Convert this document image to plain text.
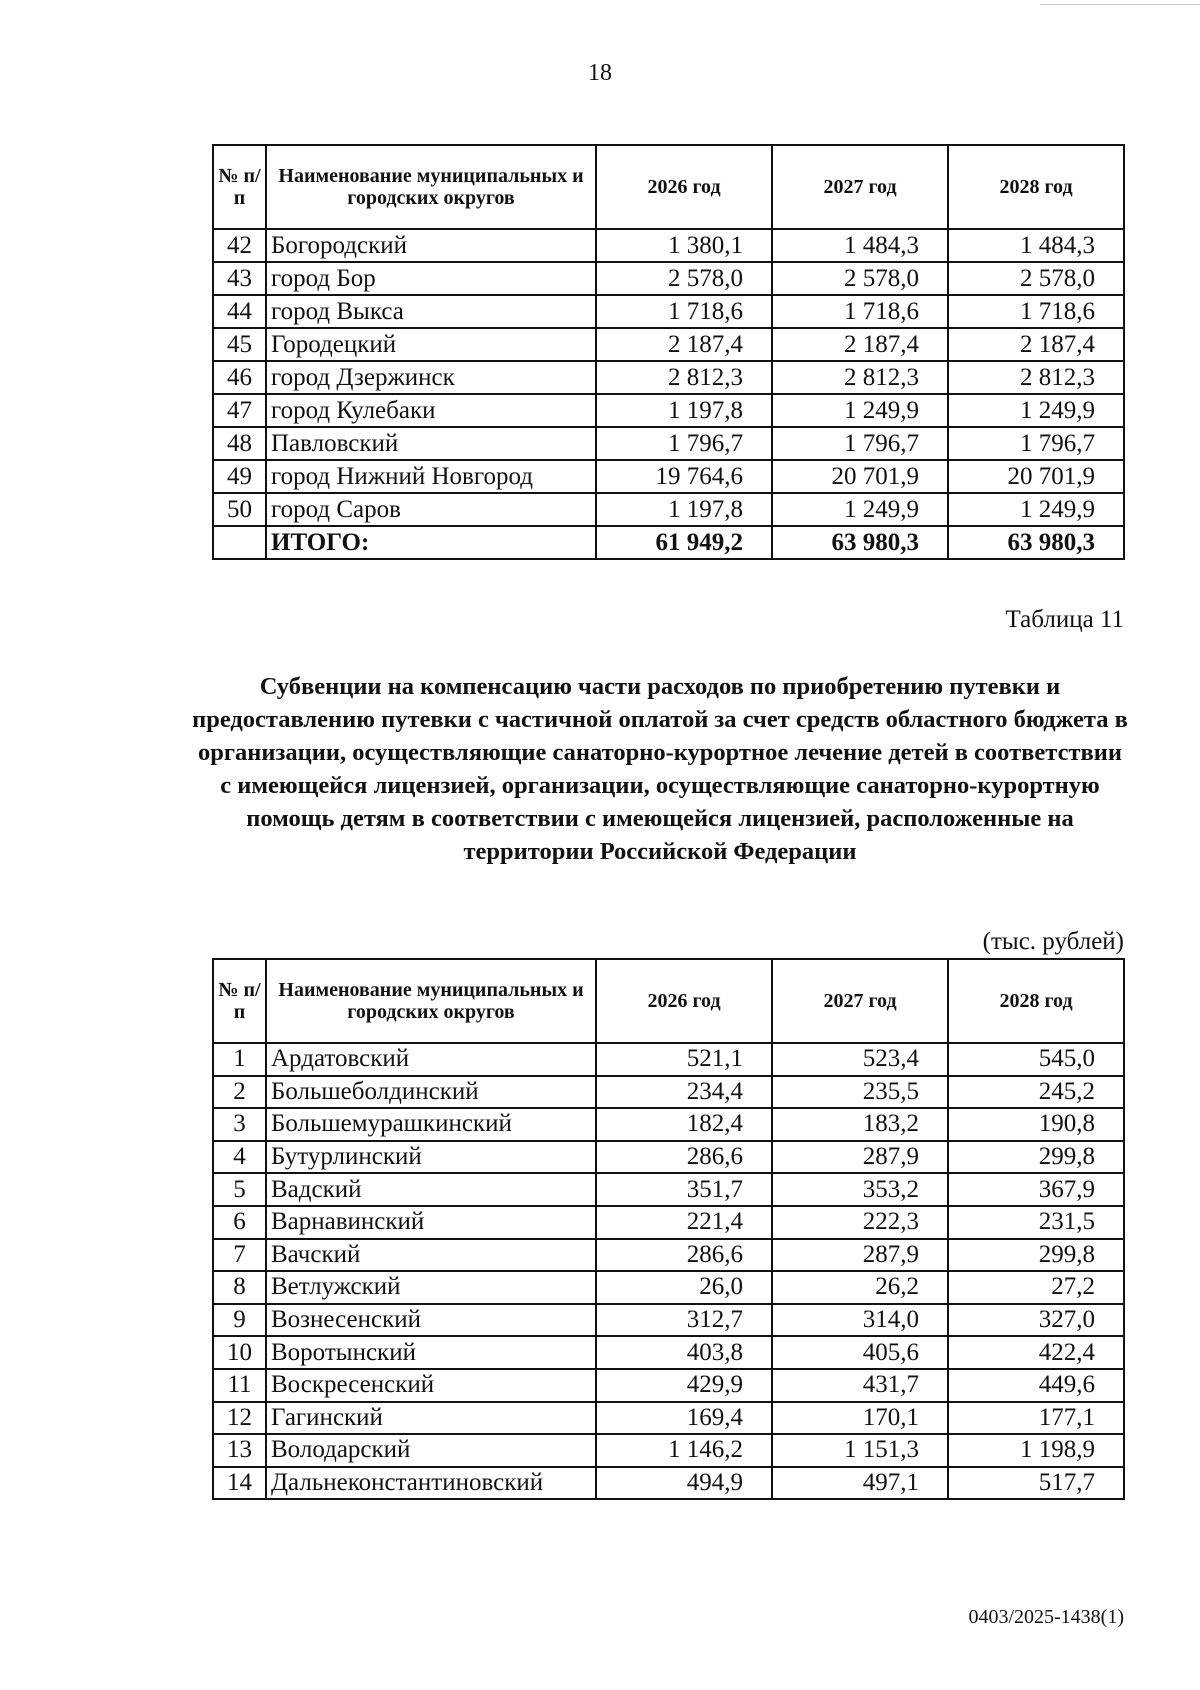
18
№ п/п	Наименование муниципальных и городских округов	2026 год	2027 год	2028 год
42	Богородский	1 380,1	1 484,3	1 484,3
43	город Бор	2 578,0	2 578,0	2 578,0
44	город Выкса	1 718,6	1 718,6	1 718,6
45	Городецкий	2 187,4	2 187,4	2 187,4
46	город Дзержинск	2 812,3	2 812,3	2 812,3
47	город Кулебаки	1 197,8	1 249,9	1 249,9
48	Павловский	1 796,7	1 796,7	1 796,7
49	город Нижний Новгород	19 764,6	20 701,9	20 701,9
50	город Саров	1 197,8	1 249,9	1 249,9
	ИТОГО:	61 949,2	63 980,3	63 980,3
Таблица 11
Субвенции на компенсацию части расходов по приобретению путевки и предоставлению путевки с частичной оплатой за счет средств областного бюджета в организации, осуществляющие санаторно-курортное лечение детей в соответствии с имеющейся лицензией, организации, осуществляющие санаторно-курортную помощь детям в соответствии с имеющейся лицензией, расположенные на территории Российской Федерации
(тыс. рублей)
№ п/п	Наименование муниципальных и городских округов	2026 год	2027 год	2028 год
1	Ардатовский	521,1	523,4	545,0
2	Большеболдинский	234,4	235,5	245,2
3	Большемурашкинский	182,4	183,2	190,8
4	Бутурлинский	286,6	287,9	299,8
5	Вадский	351,7	353,2	367,9
6	Варнавинский	221,4	222,3	231,5
7	Вачский	286,6	287,9	299,8
8	Ветлужский	26,0	26,2	27,2
9	Вознесенский	312,7	314,0	327,0
10	Воротынский	403,8	405,6	422,4
11	Воскресенский	429,9	431,7	449,6
12	Гагинский	169,4	170,1	177,1
13	Володарский	1 146,2	1 151,3	1 198,9
14	Дальнеконстантиновский	494,9	497,1	517,7
0403/2025-1438(1)
